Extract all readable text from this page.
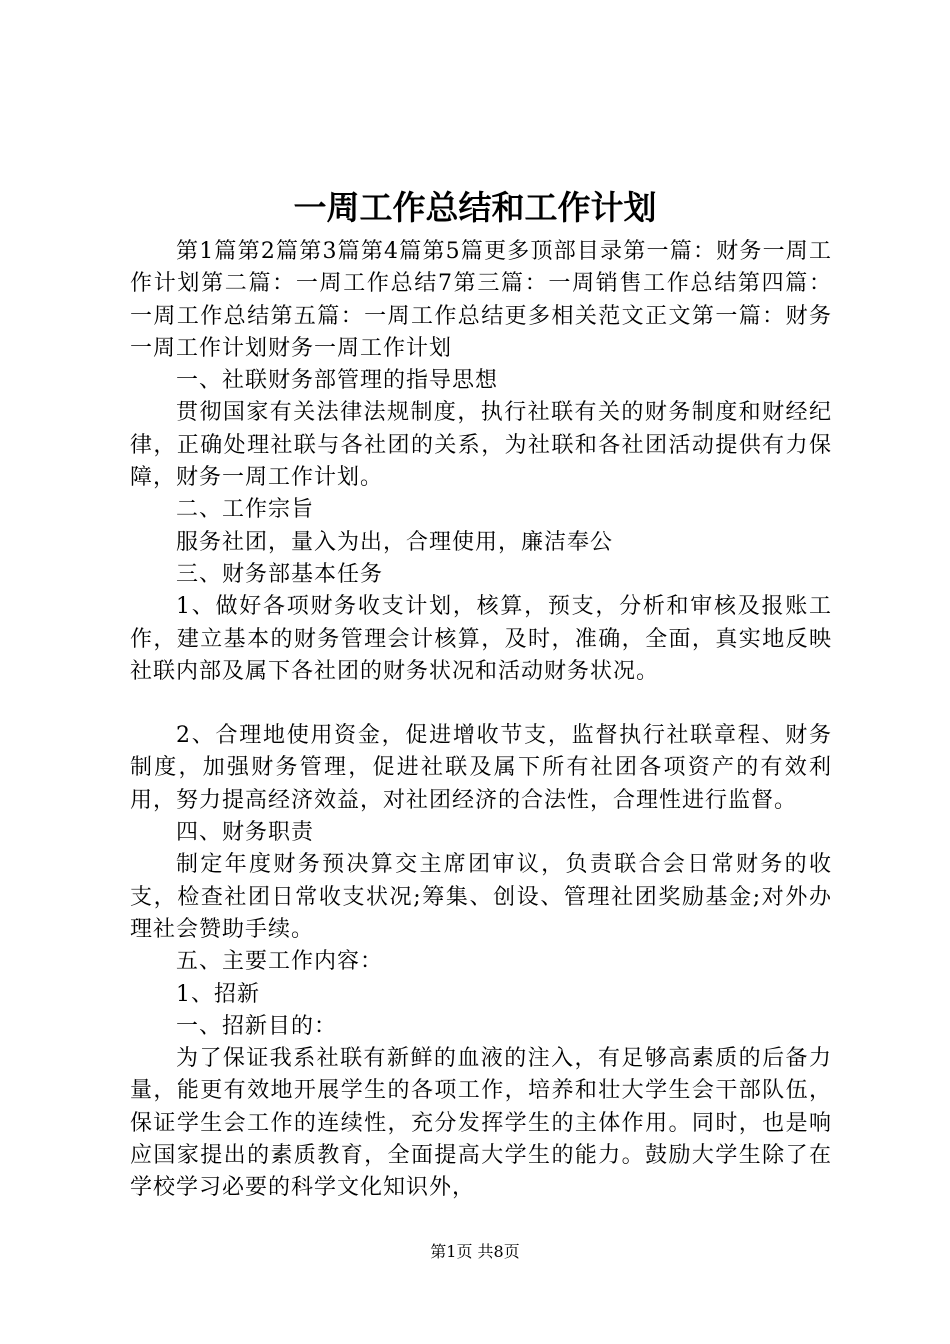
一周工作总结和工作计划

第1篇第2篇第3篇第4篇第5篇更多顶部目录第一篇：财务一周工作计划第二篇：一周工作总结7第三篇：一周销售工作总结第四篇：一周工作总结第五篇：一周工作总结更多相关范文正文第一篇：财务一周工作计划财务一周工作计划

一、社联财务部管理的指导思想

贯彻国家有关法律法规制度，执行社联有关的财务制度和财经纪律，正确处理社联与各社团的关系，为社联和各社团活动提供有力保障，财务一周工作计划。

二、工作宗旨

服务社团，量入为出，合理使用，廉洁奉公

三、财务部基本任务

1、做好各项财务收支计划，核算，预支，分析和审核及报账工作，建立基本的财务管理会计核算，及时，准确，全面，真实地反映社联内部及属下各社团的财务状况和活动财务状况。

2、合理地使用资金，促进增收节支，监督执行社联章程、财务制度，加强财务管理，促进社联及属下所有社团各项资产的有效利用，努力提高经济效益，对社团经济的合法性，合理性进行监督。

四、财务职责

制定年度财务预决算交主席团审议，负责联合会日常财务的收支，检查社团日常收支状况;筹集、创设、管理社团奖励基金;对外办理社会赞助手续。

五、主要工作内容：

1、招新

一、招新目的：

为了保证我系社联有新鲜的血液的注入，有足够高素质的后备力量，能更有效地开展学生的各项工作，培养和壮大学生会干部队伍，保证学生会工作的连续性，充分发挥学生的主体作用。同时，也是响应国家提出的素质教育，全面提高大学生的能力。鼓励大学生除了在学校学习必要的科学文化知识外，

第1页 共8页
